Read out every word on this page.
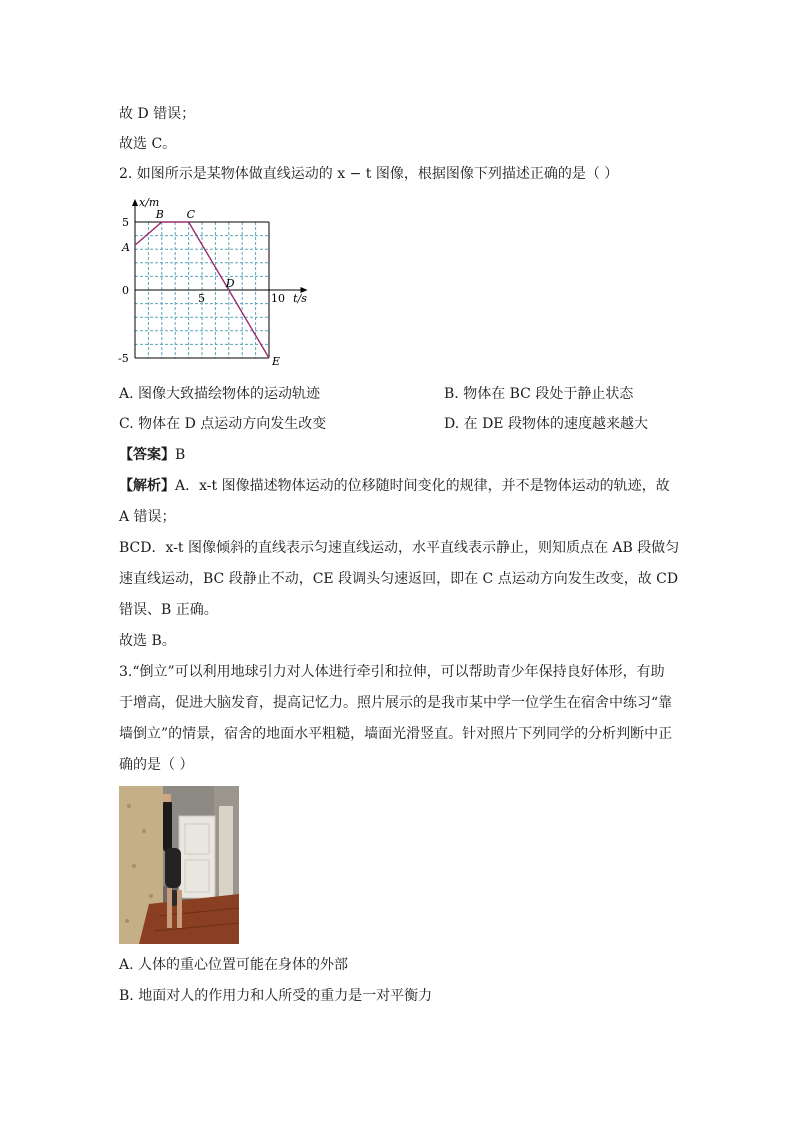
故 D 错误；
故选 C。
2. 如图所示是某物体做直线运动的 x − t 图像，根据图像下列描述正确的是（ ）
x/m
t/s
5
0
-5
5	10
A
B C
D
E
A. 图像大致描绘物体的运动轨迹	B. 物体在 BC 段处于静止状态
C. 物体在 D 点运动方向发生改变	D. 在 DE 段物体的速度越来越大
【答案】B
【解析】A．x-t 图像描述物体运动的位移随时间变化的规律，并不是物体运动的轨迹，故
A 错误；
BCD．x-t 图像倾斜的直线表示匀速直线运动，水平直线表示静止，则知质点在 AB 段做匀
速直线运动，BC 段静止不动，CE 段调头匀速返回，即在 C 点运动方向发生改变，故 CD
错误、B 正确。
故选 B。
3.“倒立”可以利用地球引力对人体进行牵引和拉伸，可以帮助青少年保持良好体形，有助
于增高，促进大脑发育，提高记忆力。照片展示的是我市某中学一位学生在宿舍中练习“靠
墙倒立”的情景，宿舍的地面水平粗糙，墙面光滑竖直。针对照片下列同学的分析判断中正
确的是（ ）
A. 人体的重心位置可能在身体的外部
B. 地面对人的作用力和人所受的重力是一对平衡力
